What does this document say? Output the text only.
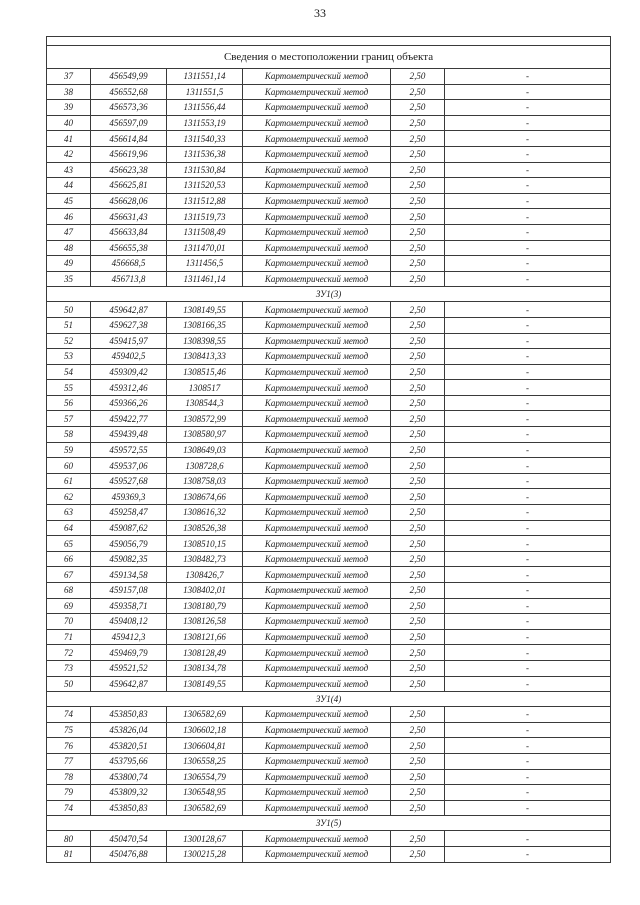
33

Сведения о местоположении границ объекта					
37	456549,99	1311551,14	Картометрический метод	2,50	-
38	456552,68	1311551,5	Картометрический метод	2,50	-
39	456573,36	1311556,44	Картометрический метод	2,50	-
40	456597,09	1311553,19	Картометрический метод	2,50	-
41	456614,84	1311540,33	Картометрический метод	2,50	-
42	456619,96	1311536,38	Картометрический метод	2,50	-
43	456623,38	1311530,84	Картометрический метод	2,50	-
44	456625,81	1311520,53	Картометрический метод	2,50	-
45	456628,06	1311512,88	Картометрический метод	2,50	-
46	456631,43	1311519,73	Картометрический метод	2,50	-
47	456633,84	1311508,49	Картометрический метод	2,50	-
48	456655,38	1311470,01	Картометрический метод	2,50	-
49	456668,5	1311456,5	Картометрический метод	2,50	-
35	456713,8	1311461,14	Картометрический метод	2,50	-
ЗУ1(3)					
50	459642,87	1308149,55	Картометрический метод	2,50	-
51	459627,38	1308166,35	Картометрический метод	2,50	-
52	459415,97	1308398,55	Картометрический метод	2,50	-
53	459402,5	1308413,33	Картометрический метод	2,50	-
54	459309,42	1308515,46	Картометрический метод	2,50	-
55	459312,46	1308517	Картометрический метод	2,50	-
56	459366,26	1308544,3	Картометрический метод	2,50	-
57	459422,77	1308572,99	Картометрический метод	2,50	-
58	459439,48	1308580,97	Картометрический метод	2,50	-
59	459572,55	1308649,03	Картометрический метод	2,50	-
60	459537,06	1308728,6	Картометрический метод	2,50	-
61	459527,68	1308758,03	Картометрический метод	2,50	-
62	459369,3	1308674,66	Картометрический метод	2,50	-
63	459258,47	1308616,32	Картометрический метод	2,50	-
64	459087,62	1308526,38	Картометрический метод	2,50	-
65	459056,79	1308510,15	Картометрический метод	2,50	-
66	459082,35	1308482,73	Картометрический метод	2,50	-
67	459134,58	1308426,7	Картометрический метод	2,50	-
68	459157,08	1308402,01	Картометрический метод	2,50	-
69	459358,71	1308180,79	Картометрический метод	2,50	-
70	459408,12	1308126,58	Картометрический метод	2,50	-
71	459412,3	1308121,66	Картометрический метод	2,50	-
72	459469,79	1308128,49	Картометрический метод	2,50	-
73	459521,52	1308134,78	Картометрический метод	2,50	-
50	459642,87	1308149,55	Картометрический метод	2,50	-
ЗУ1(4)					
74	453850,83	1306582,69	Картометрический метод	2,50	-
75	453826,04	1306602,18	Картометрический метод	2,50	-
76	453820,51	1306604,81	Картометрический метод	2,50	-
77	453795,66	1306558,25	Картометрический метод	2,50	-
78	453800,74	1306554,79	Картометрический метод	2,50	-
79	453809,32	1306548,95	Картометрический метод	2,50	-
74	453850,83	1306582,69	Картометрический метод	2,50	-
ЗУ1(5)					
80	450470,54	1300128,67	Картометрический метод	2,50	-
81	450476,88	1300215,28	Картометрический метод	2,50	-
